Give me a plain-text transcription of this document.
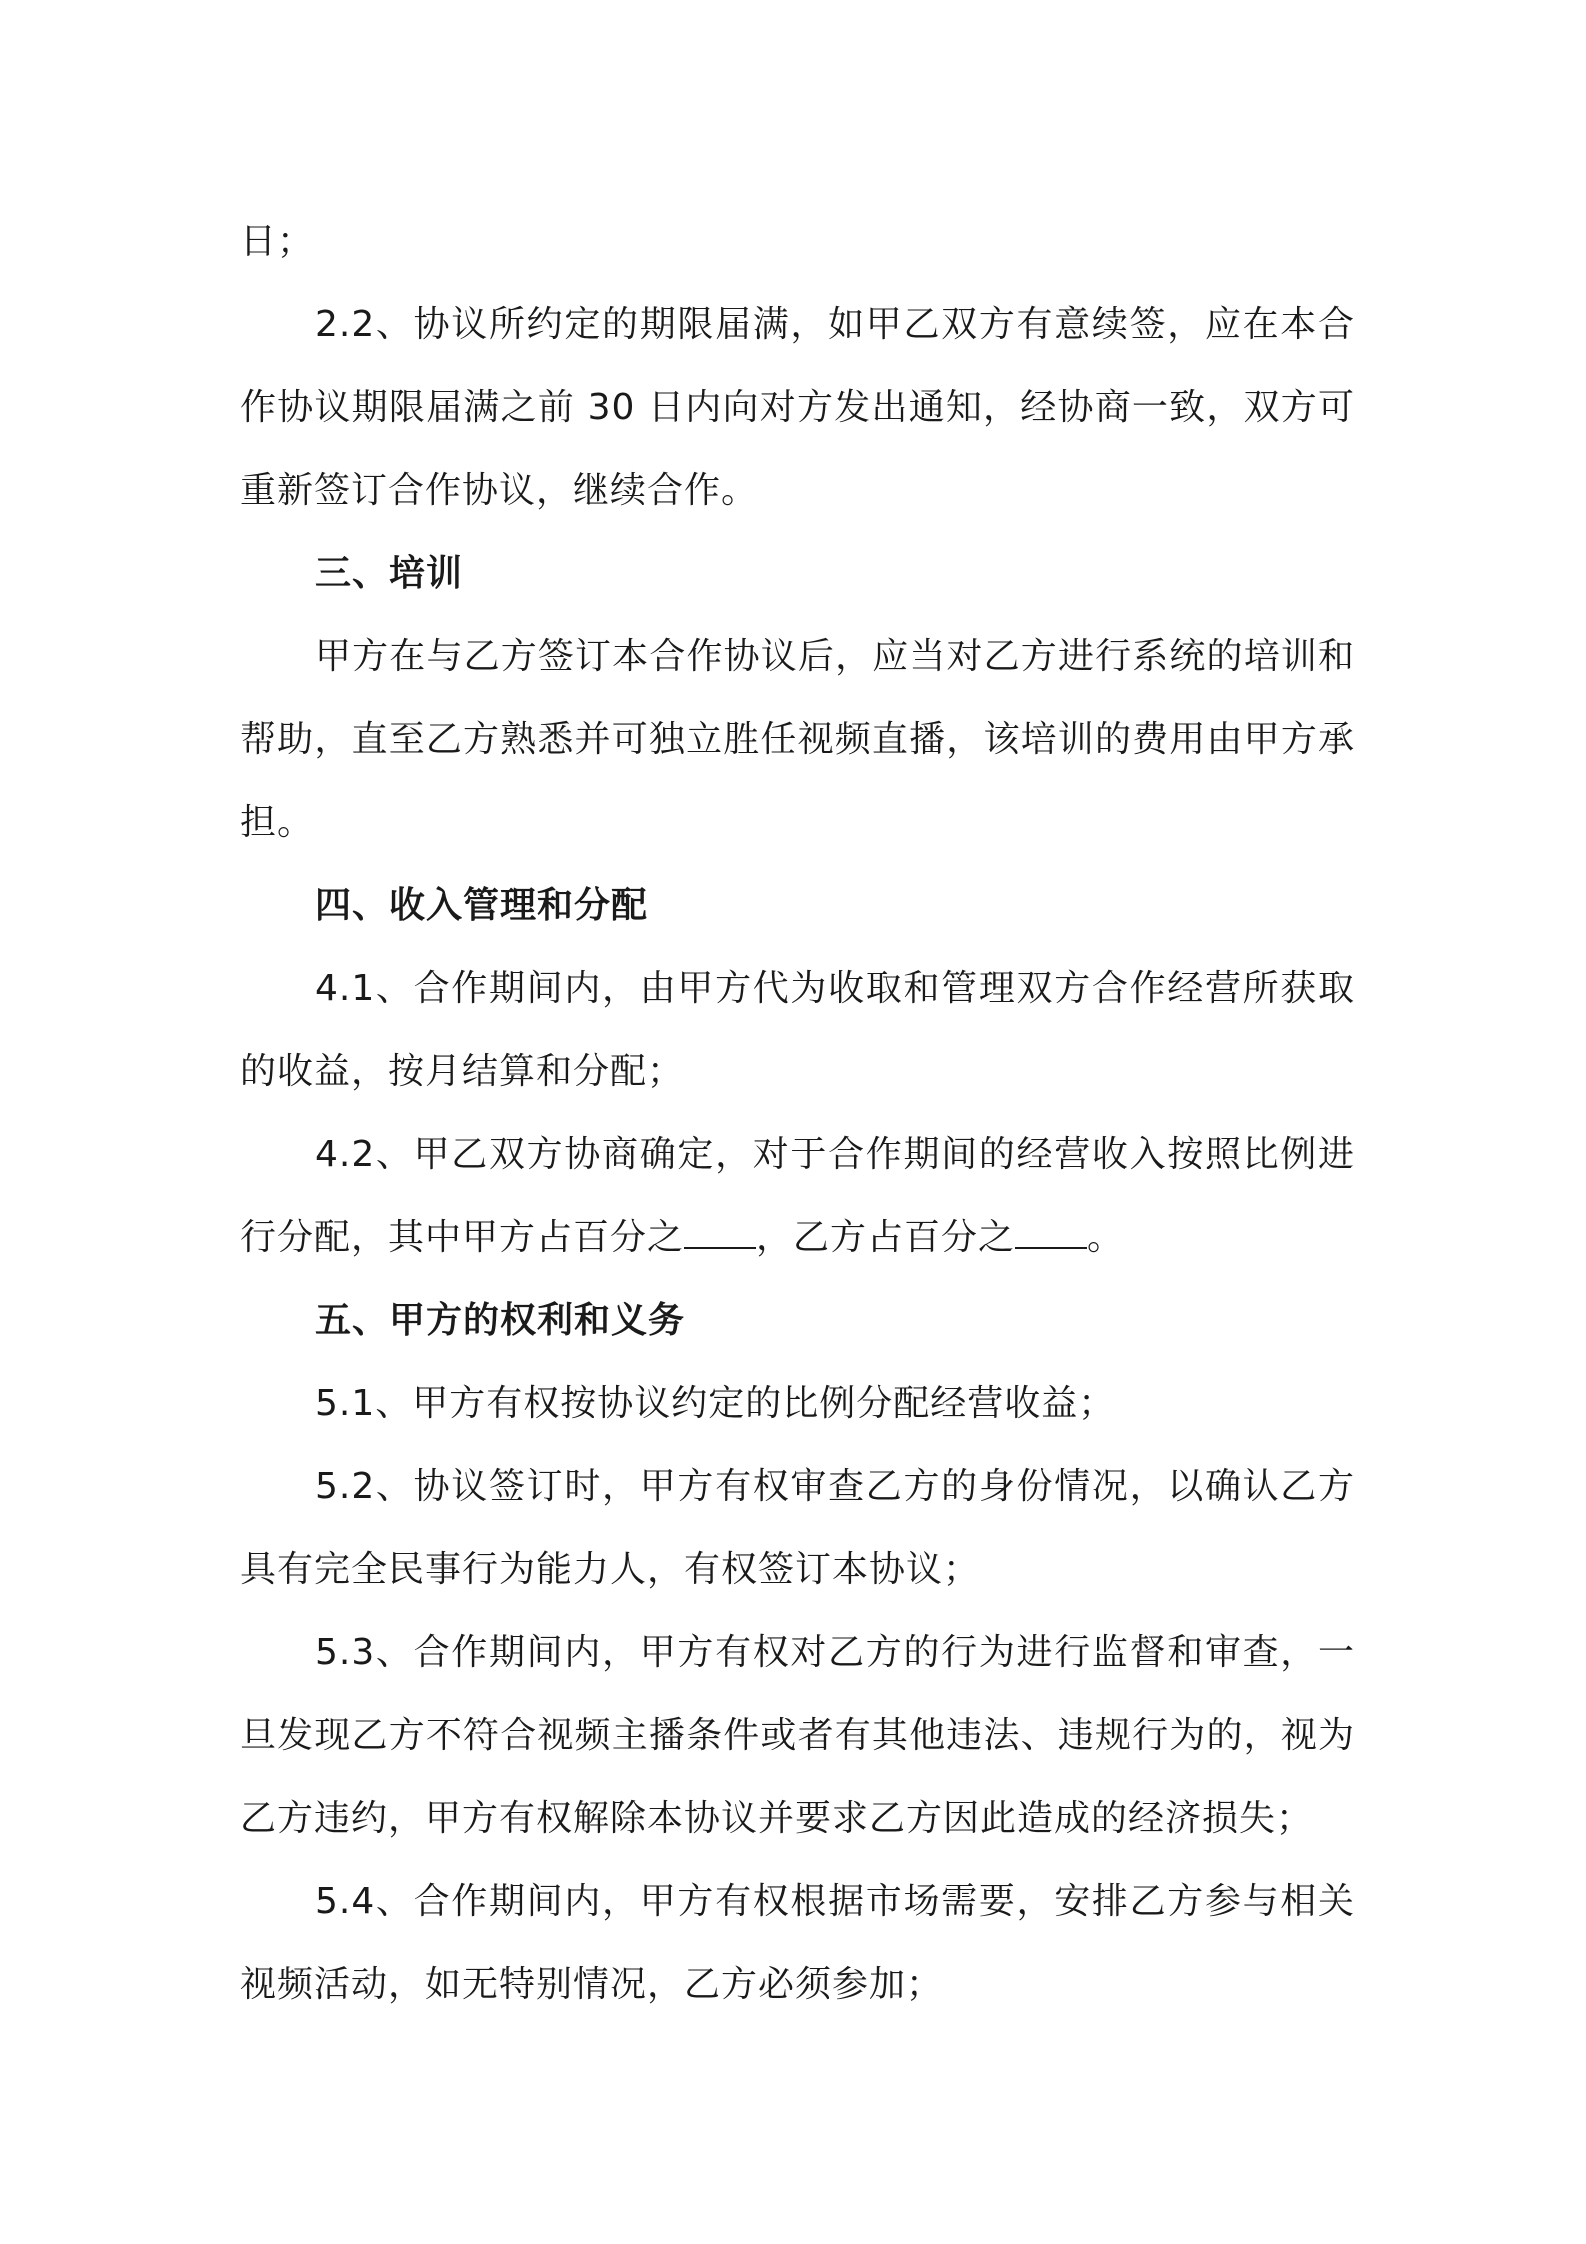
日；

2.2、协议所约定的期限届满，如甲乙双方有意续签，应在本合作协议期限届满之前 30 日内向对方发出通知，经协商一致，双方可重新签订合作协议，继续合作。

三、培训

甲方在与乙方签订本合作协议后，应当对乙方进行系统的培训和帮助，直至乙方熟悉并可独立胜任视频直播，该培训的费用由甲方承担。

四、收入管理和分配

4.1、合作期间内，由甲方代为收取和管理双方合作经营所获取的收益，按月结算和分配；

4.2、甲乙双方协商确定，对于合作期间的经营收入按照比例进行分配，其中甲方占百分之 ，乙方占百分之 。

五、甲方的权利和义务

5.1、甲方有权按协议约定的比例分配经营收益；

5.2、协议签订时，甲方有权审查乙方的身份情况，以确认乙方具有完全民事行为能力人，有权签订本协议；

5.3、合作期间内，甲方有权对乙方的行为进行监督和审查，一旦发现乙方不符合视频主播条件或者有其他违法、违规行为的，视为乙方违约，甲方有权解除本协议并要求乙方因此造成的经济损失；

5.4、合作期间内，甲方有权根据市场需要，安排乙方参与相关视频活动，如无特别情况，乙方必须参加；
